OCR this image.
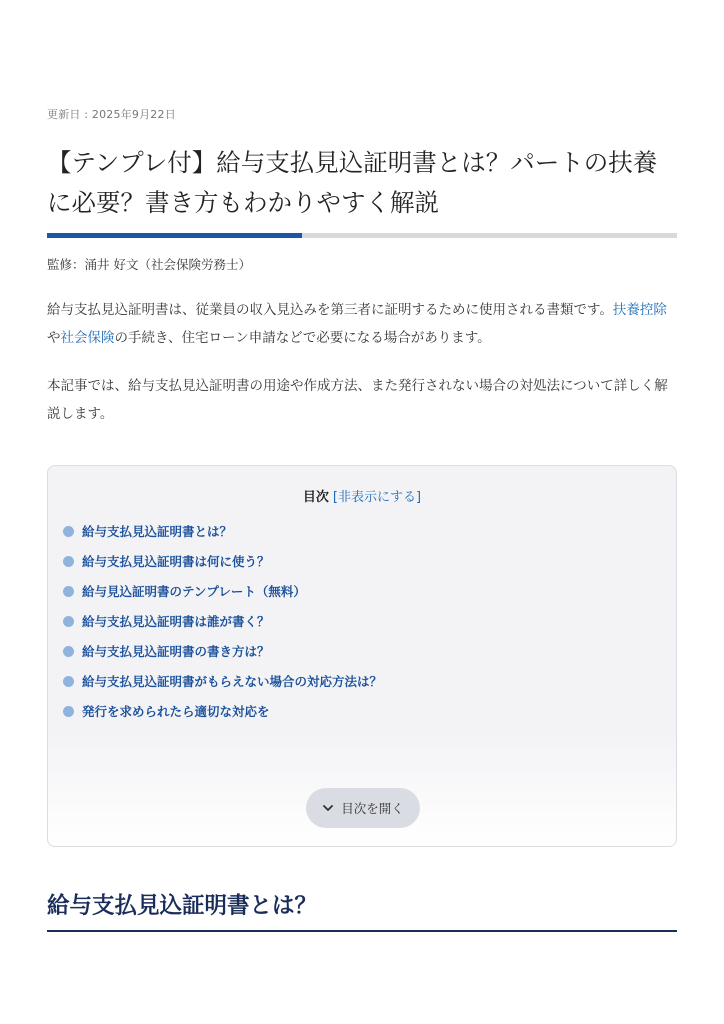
更新日 : 2025年9月22日
【テンプレ付】給与支払見込証明書とは？パートの扶養に必要？書き方もわかりやすく解説
監修：涌井 好文（社会保険労務士）

給与支払見込証明書は、従業員の収入見込みを第三者に証明するために使用される書類です。扶養控除や社会保険の手続き、住宅ローン申請などで必要になる場合があります。

本記事では、給与支払見込証明書の用途や作成方法、また発行されない場合の対処法について詳しく解説します。

目次 [非表示にする]
給与支払見込証明書とは？
給与支払見込証明書は何に使う？
給与見込証明書のテンプレート（無料）
給与支払見込証明書は誰が書く？
給与支払見込証明書の書き方は？
給与支払見込証明書がもらえない場合の対応方法は？
発行を求められたら適切な対応を
目次を開く
給与支払見込証明書とは？
